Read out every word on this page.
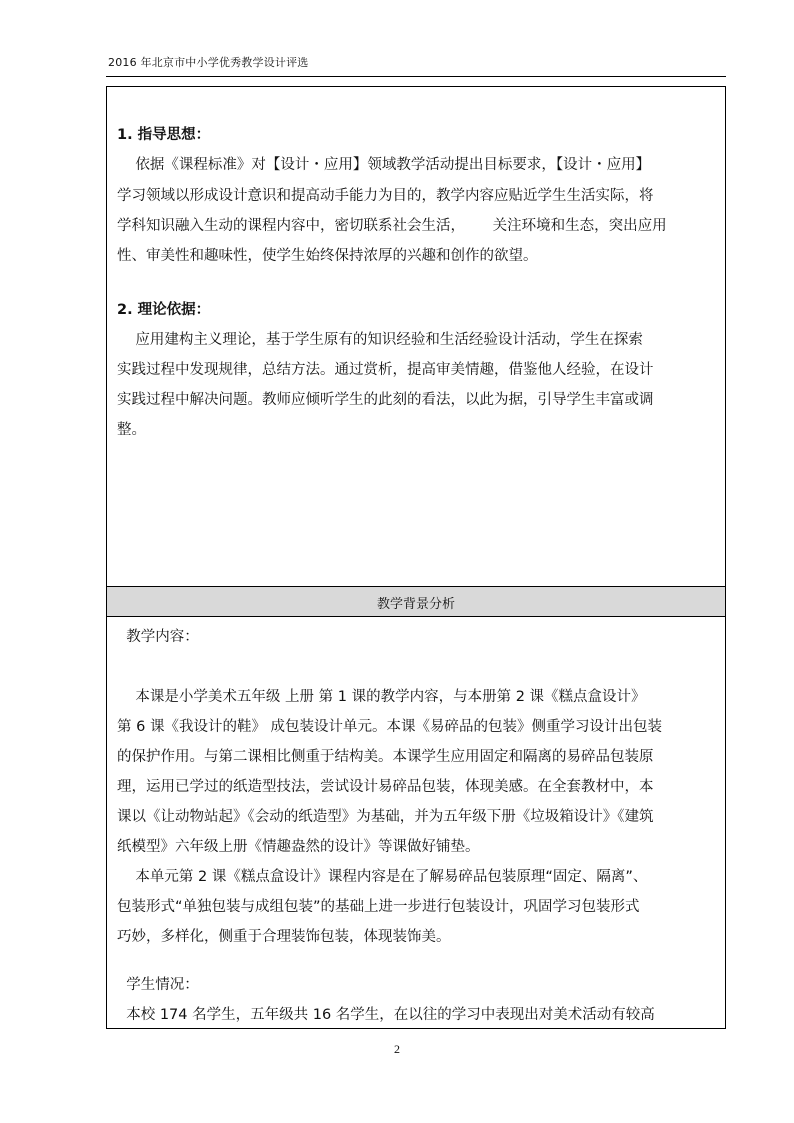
2016 年北京市中小学优秀教学设计评选
1. 指导思想：
依据《课程标准》对【设计・应用】领域教学活动提出目标要求，【设计・应用】
学习领域以形成设计意识和提高动手能力为目的，教学内容应贴近学生生活实际，将
学科知识融入生动的课程内容中，密切联系社会生活，      关注环境和生态，突出应用
性、审美性和趣味性，使学生始终保持浓厚的兴趣和创作的欲望。
2. 理论依据：
应用建构主义理论，基于学生原有的知识经验和生活经验设计活动，学生在探索
实践过程中发现规律，总结方法。通过赏析，提高审美情趣，借鉴他人经验，在设计
实践过程中解决问题。教师应倾听学生的此刻的看法，以此为据，引导学生丰富或调
整。
教学背景分析
教学内容：
本课是小学美术五年级 上册 第 1 课的教学内容，与本册第 2 课《糕点盒设计》
第 6 课《我设计的鞋》 成包装设计单元。本课《易碎品的包装》侧重学习设计出包装
的保护作用。与第二课相比侧重于结构美。本课学生应用固定和隔离的易碎品包装原
理，运用已学过的纸造型技法，尝试设计易碎品包装，体现美感。在全套教材中，本
课以《让动物站起》《会动的纸造型》为基础，并为五年级下册《垃圾箱设计》《建筑
纸模型》六年级上册《情趣盎然的设计》等课做好铺垫。
本单元第 2 课《糕点盒设计》课程内容是在了解易碎品包装原理“固定、隔离”、
包装形式“单独包装与成组包装”的基础上进一步进行包装设计，巩固学习包装形式
巧妙，多样化，侧重于合理装饰包装，体现装饰美。
学生情况：
本校 174 名学生，五年级共 16 名学生，在以往的学习中表现出对美术活动有较高
2
